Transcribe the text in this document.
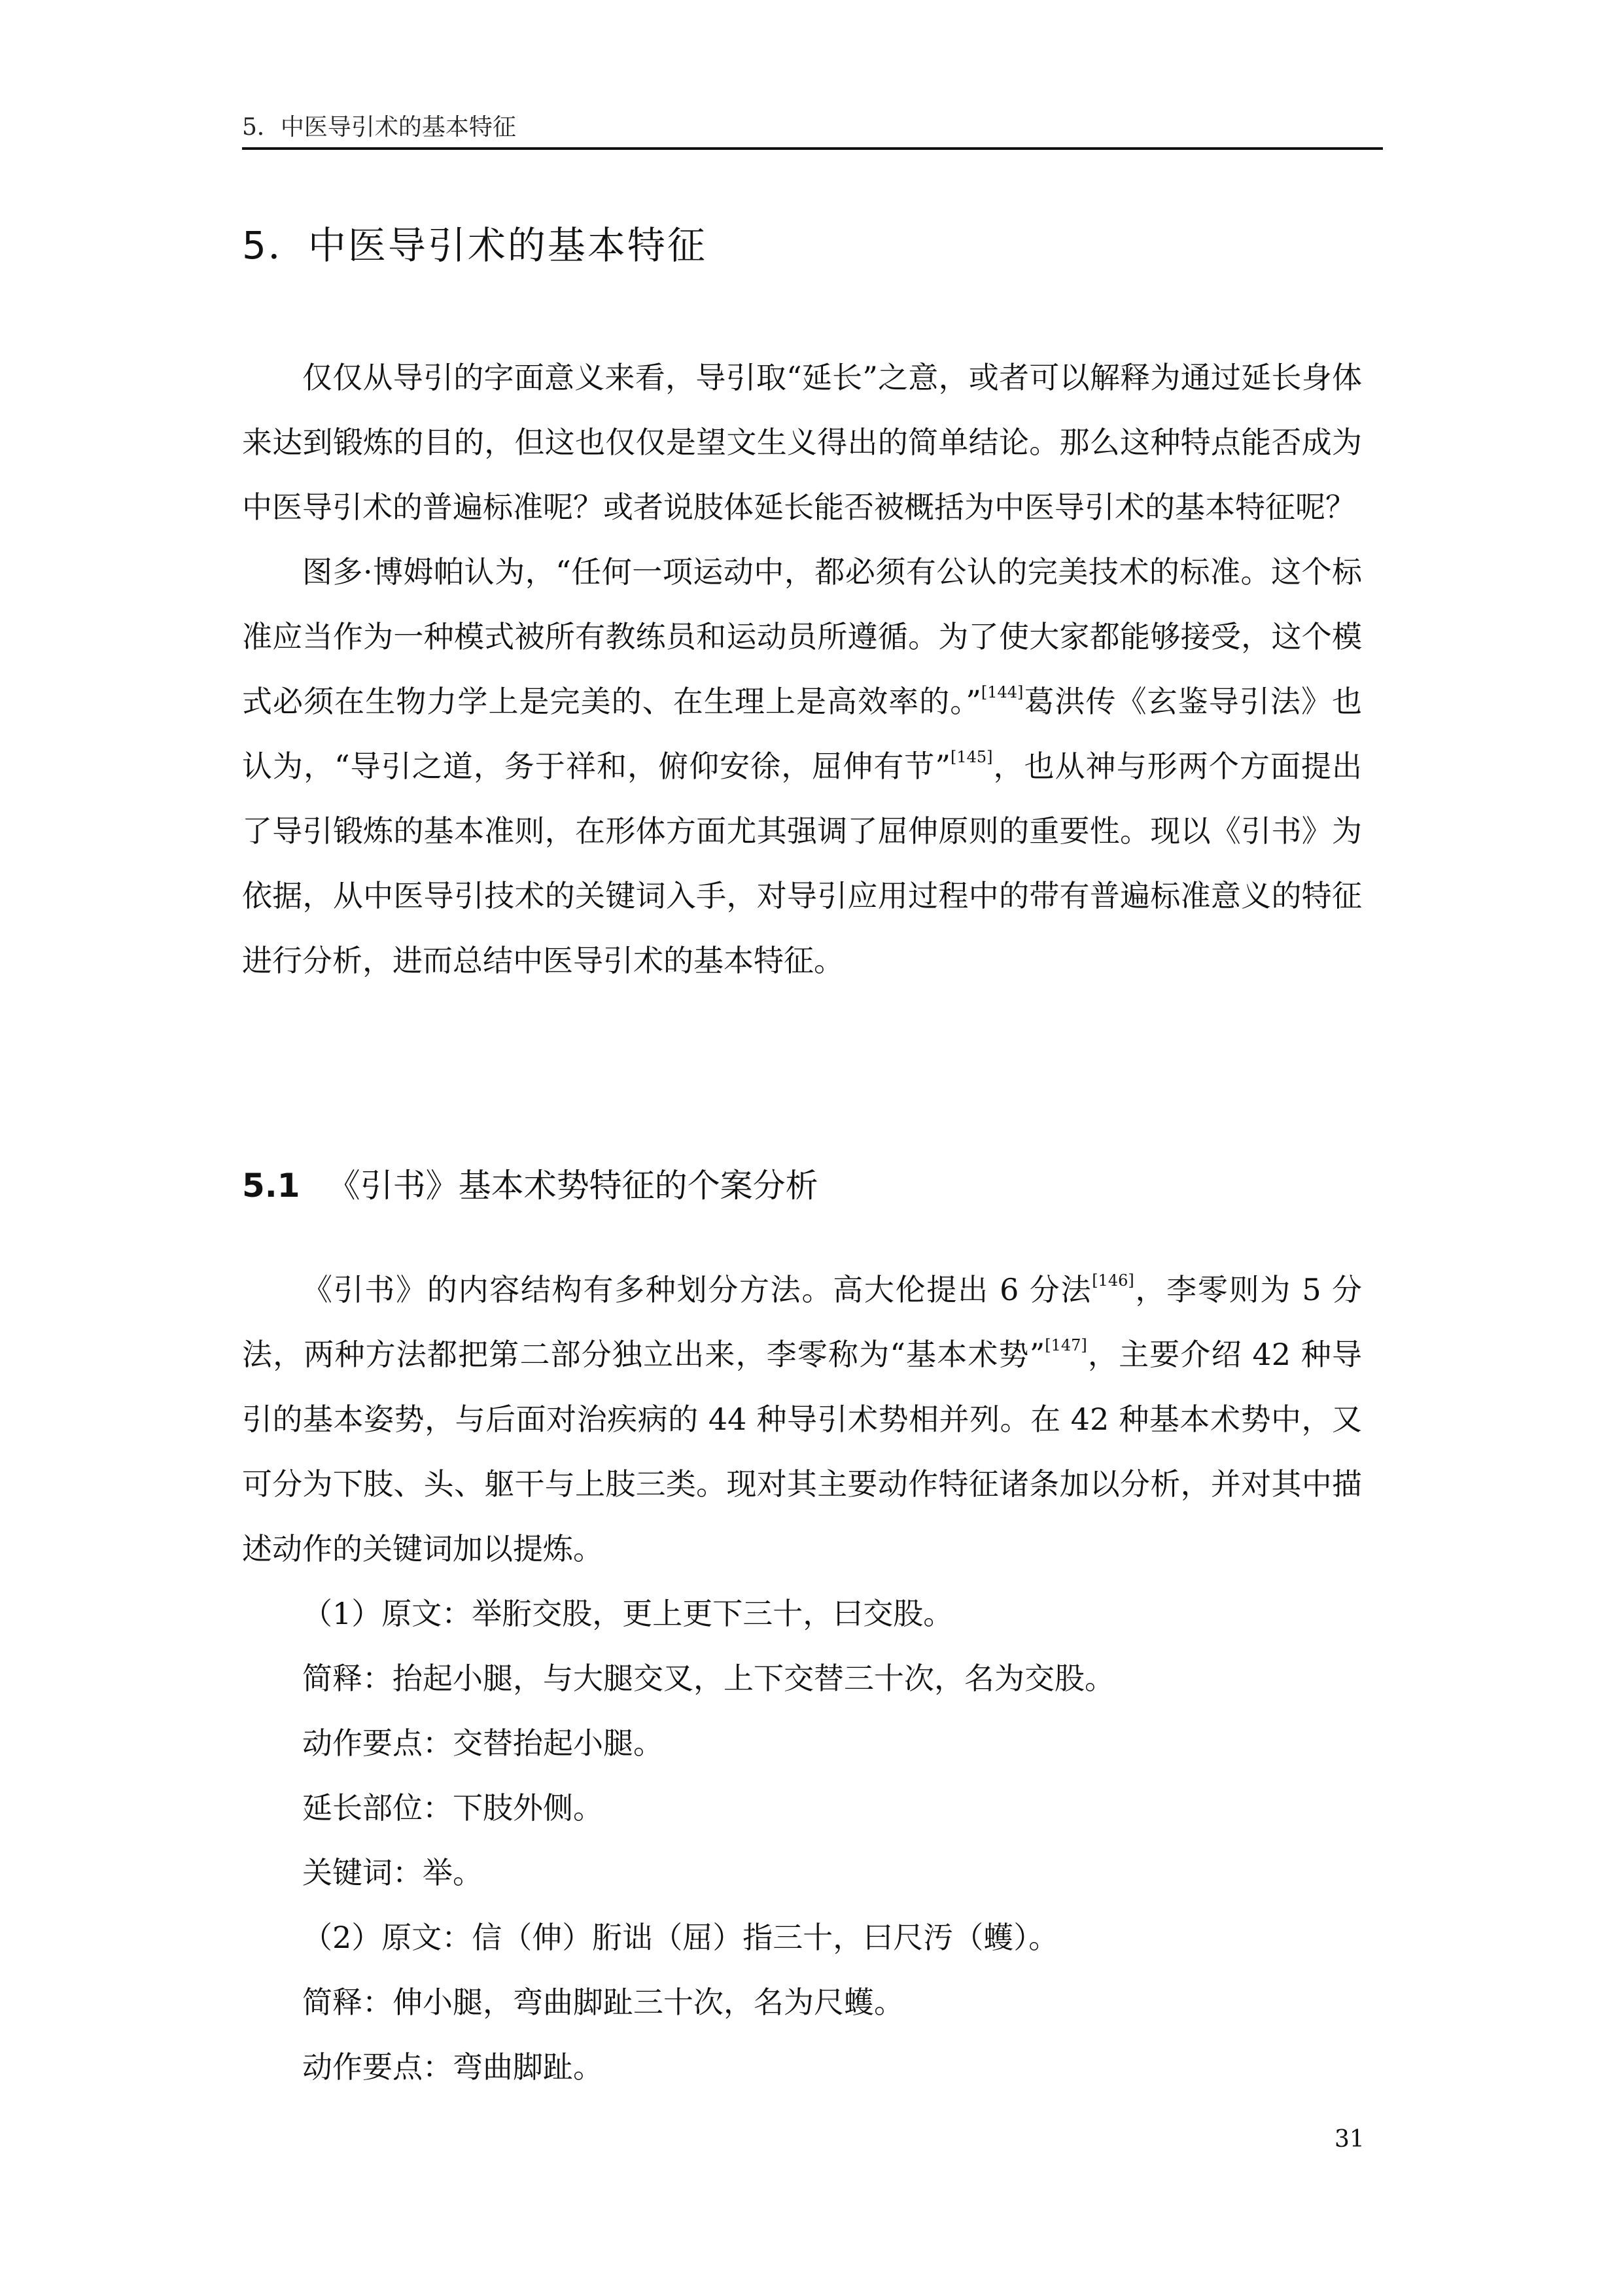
5．中医导引术的基本特征
5．中医导引术的基本特征

仅仅从导引的字面意义来看，导引取“延长”之意，或者可以解释为通过延长身体来达到锻炼的目的，但这也仅仅是望文生义得出的简单结论。那么这种特点能否成为中医导引术的普遍标准呢？或者说肢体延长能否被概括为中医导引术的基本特征呢？

图多·博姆帕认为，“任何一项运动中，都必须有公认的完美技术的标准。这个标准应当作为一种模式被所有教练员和运动员所遵循。为了使大家都能够接受，这个模式必须在生物力学上是完美的、在生理上是高效率的。”[144]葛洪传《玄鉴导引法》也认为，“导引之道，务于祥和，俯仰安徐，屈伸有节”[145]，也从神与形两个方面提出了导引锻炼的基本准则，在形体方面尤其强调了屈伸原则的重要性。现以《引书》为依据，从中医导引技术的关键词入手，对导引应用过程中的带有普遍标准意义的特征进行分析，进而总结中医导引术的基本特征。

5.1 《引书》基本术势特征的个案分析

《引书》的内容结构有多种划分方法。高大伦提出 6 分法[146]，李零则为 5 分法，两种方法都把第二部分独立出来，李零称为“基本术势”[147]，主要介绍 42 种导引的基本姿势，与后面对治疾病的 44 种导引术势相并列。在 42 种基本术势中，又可分为下肢、头、躯干与上肢三类。现对其主要动作特征诸条加以分析，并对其中描述动作的关键词加以提炼。

（1）原文：举胻交股，更上更下三十，曰交股。
简释：抬起小腿，与大腿交叉，上下交替三十次，名为交股。
动作要点：交替抬起小腿。
延长部位：下肢外侧。
关键词：举。
（2）原文：信（伸）胻诎（屈）指三十，曰尺汚（蠖）。
简释：伸小腿，弯曲脚趾三十次，名为尺蠖。
动作要点：弯曲脚趾。
31
